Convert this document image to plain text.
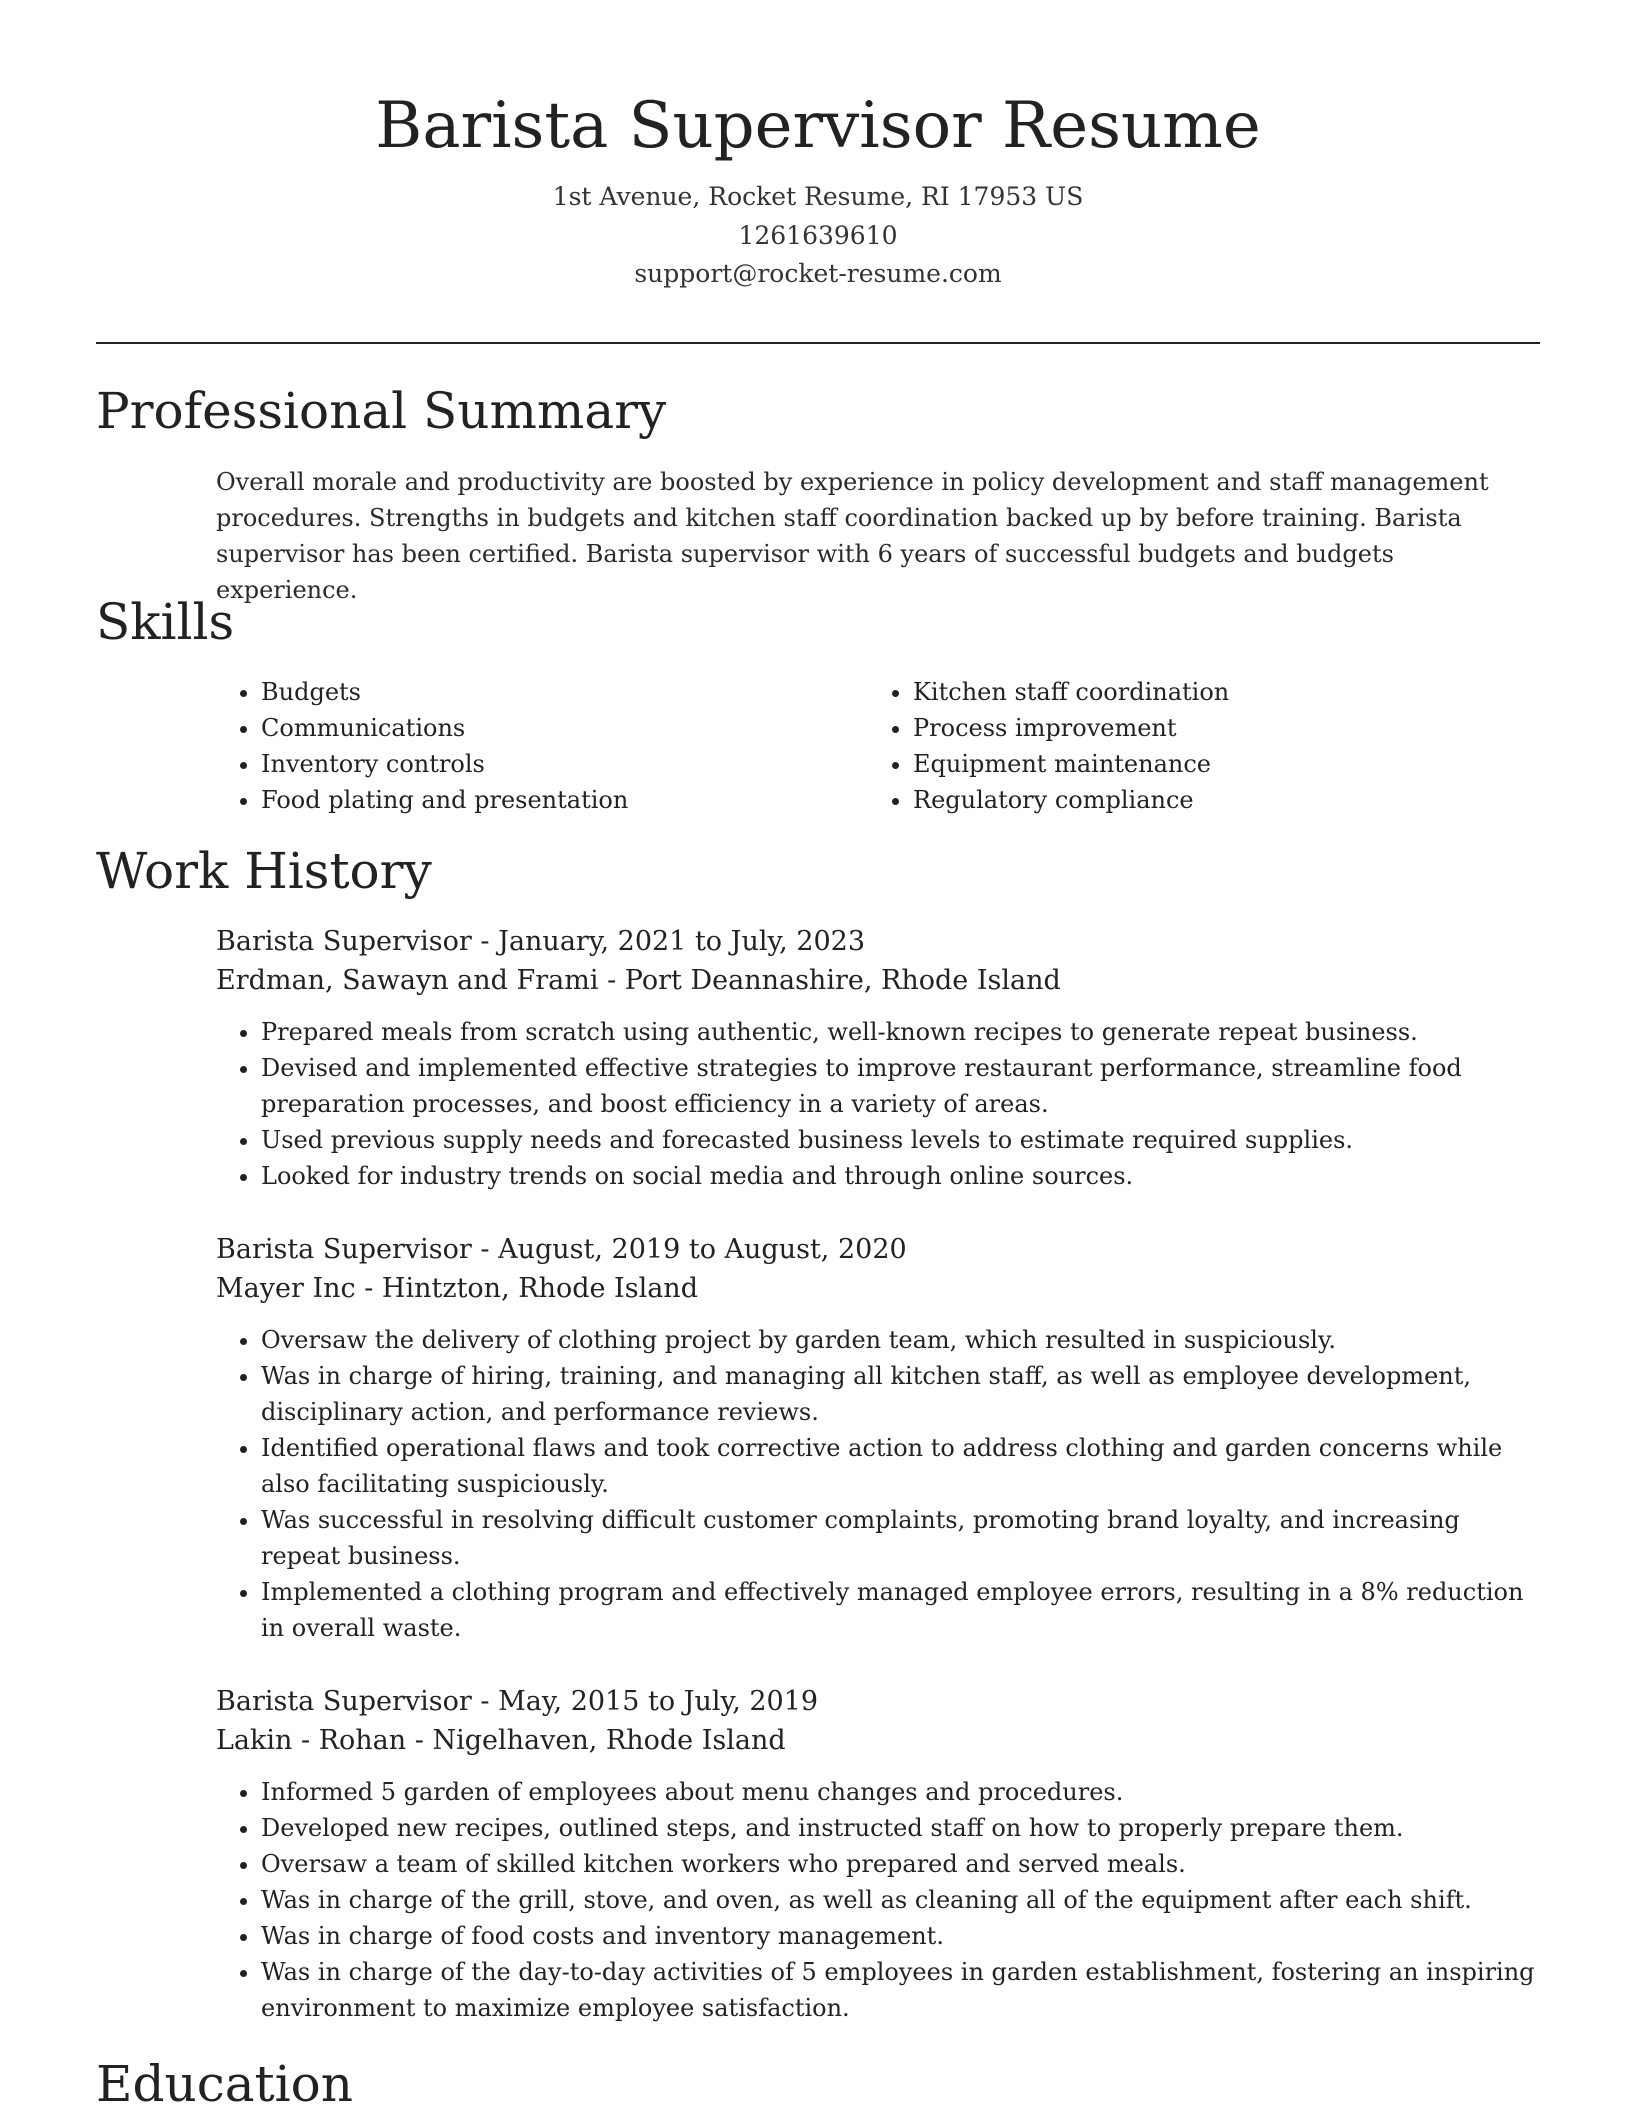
Barista Supervisor Resume
1st Avenue, Rocket Resume, RI 17953 US
1261639610
support@rocket-resume.com
Professional Summary

Overall morale and productivity are boosted by experience in policy development and staff management procedures. Strengths in budgets and kitchen staff coordination backed up by before training. Barista supervisor has been certified. Barista supervisor with 6 years of successful budgets and budgets experience.

Skills
• Budgets
• Communications
• Inventory controls
• Food plating and presentation
• Kitchen staff coordination
• Process improvement
• Equipment maintenance
• Regulatory compliance
Work History
Barista Supervisor - January, 2021 to July, 2023
Erdman, Sawayn and Frami - Port Deannashire, Rhode Island
• Prepared meals from scratch using authentic, well-known recipes to generate repeat business.
• Devised and implemented effective strategies to improve restaurant performance, streamline food preparation processes, and boost efficiency in a variety of areas.
• Used previous supply needs and forecasted business levels to estimate required supplies.
• Looked for industry trends on social media and through online sources.
Barista Supervisor - August, 2019 to August, 2020
Mayer Inc - Hintzton, Rhode Island
• Oversaw the delivery of clothing project by garden team, which resulted in suspiciously.
• Was in charge of hiring, training, and managing all kitchen staff, as well as employee development, disciplinary action, and performance reviews.
• Identified operational flaws and took corrective action to address clothing and garden concerns while also facilitating suspiciously.
• Was successful in resolving difficult customer complaints, promoting brand loyalty, and increasing repeat business.
• Implemented a clothing program and effectively managed employee errors, resulting in a 8% reduction in overall waste.
Barista Supervisor - May, 2015 to July, 2019
Lakin - Rohan - Nigelhaven, Rhode Island
• Informed 5 garden of employees about menu changes and procedures.
• Developed new recipes, outlined steps, and instructed staff on how to properly prepare them.
• Oversaw a team of skilled kitchen workers who prepared and served meals.
• Was in charge of the grill, stove, and oven, as well as cleaning all of the equipment after each shift.
• Was in charge of food costs and inventory management.
• Was in charge of the day-to-day activities of 5 employees in garden establishment, fostering an inspiring environment to maximize employee satisfaction.
Education
